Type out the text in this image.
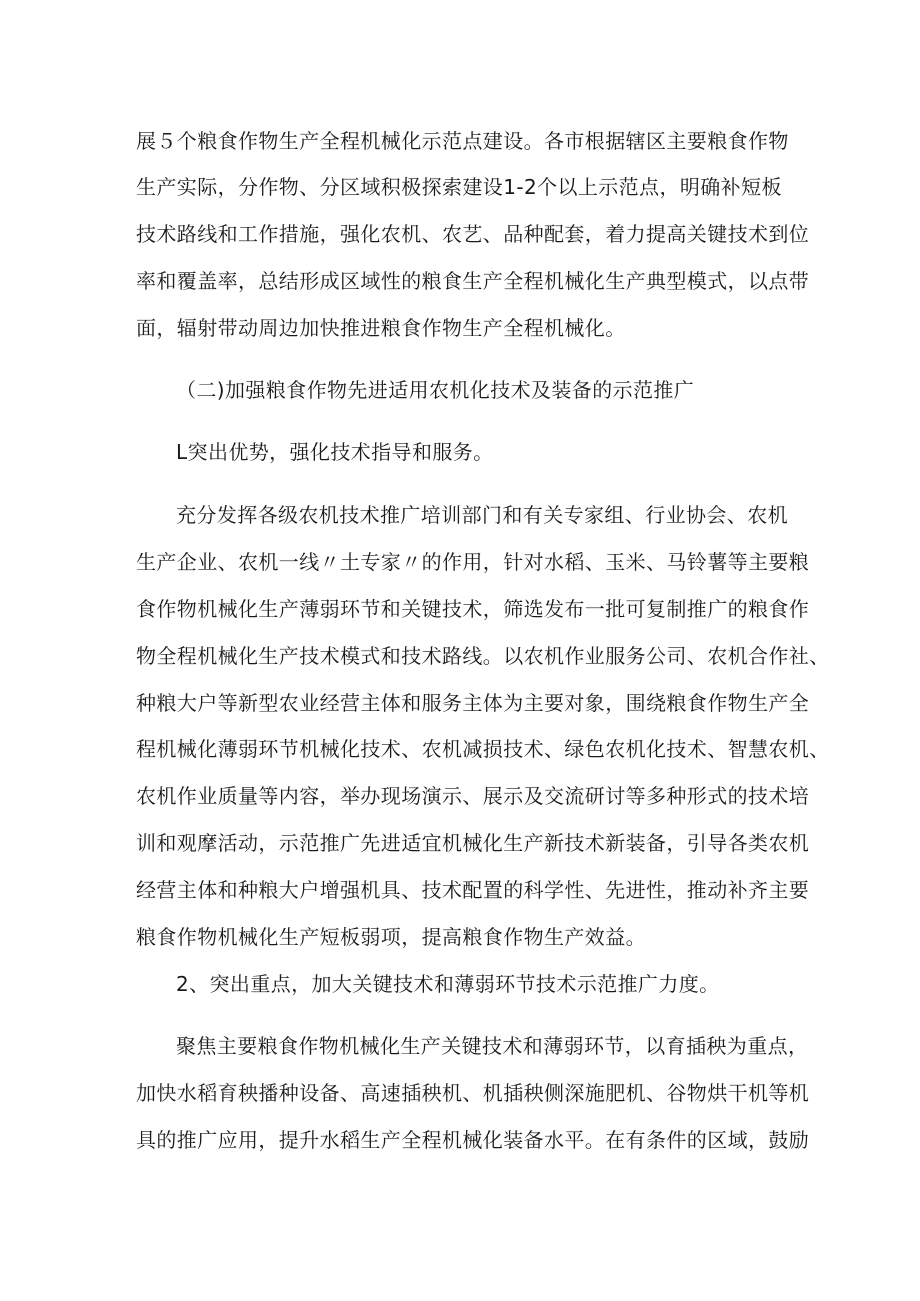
展５个粮食作物生产全程机械化示范点建设。各市根据辖区主要粮食作物
生产实际，分作物、分区域积极探索建设1-2个以上示范点，明确补短板
技术路线和工作措施，强化农机、农艺、品种配套，着力提高关键技术到位
率和覆盖率，总结形成区域性的粮食生产全程机械化生产典型模式，以点带
面，辐射带动周边加快推进粮食作物生产全程机械化。
（二)加强粮食作物先进适用农机化技术及装备的示范推广
L突出优势，强化技术指导和服务。
充分发挥各级农机技术推广培训部门和有关专家组、行业协会、农机
生产企业、农机一线〃土专家〃的作用，针对水稻、玉米、马铃薯等主要粮
食作物机械化生产薄弱环节和关键技术，筛选发布一批可复制推广的粮食作
物全程机械化生产技术模式和技术路线。以农机作业服务公司、农机合作社、
种粮大户等新型农业经营主体和服务主体为主要对象，围绕粮食作物生产全
程机械化薄弱环节机械化技术、农机减损技术、绿色农机化技术、智慧农机、
农机作业质量等内容，举办现场演示、展示及交流研讨等多种形式的技术培
训和观摩活动，示范推广先进适宜机械化生产新技术新装备，引导各类农机
经营主体和种粮大户增强机具、技术配置的科学性、先进性，推动补齐主要
粮食作物机械化生产短板弱项，提高粮食作物生产效益。
2、突出重点，加大关键技术和薄弱环节技术示范推广力度。
聚焦主要粮食作物机械化生产关键技术和薄弱环节，以育插秧为重点，
加快水稻育秧播种设备、高速插秧机、机插秧侧深施肥机、谷物烘干机等机
具的推广应用，提升水稻生产全程机械化装备水平。在有条件的区域，鼓励
